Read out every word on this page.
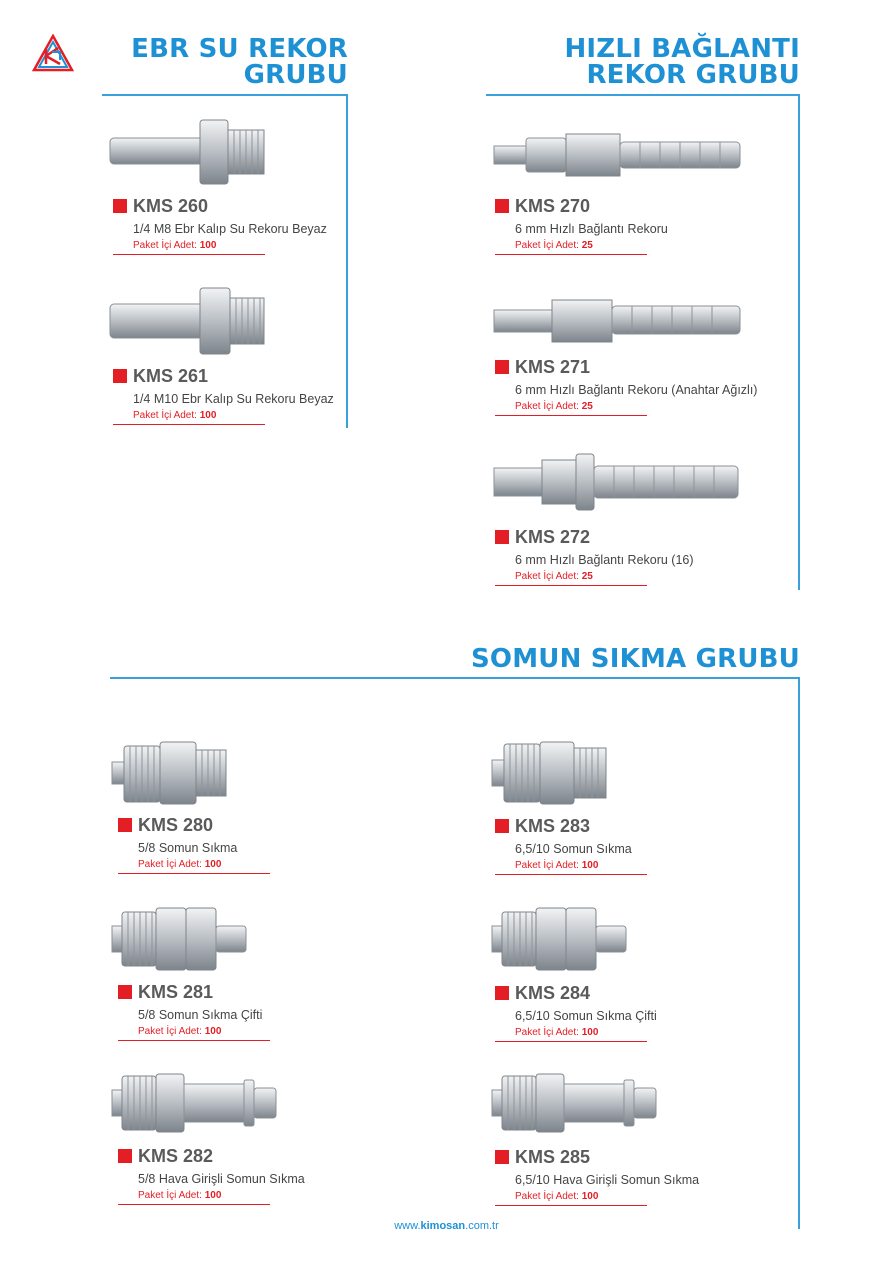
EBR SU REKOR
GRUBU
HIZLI BAĞLANTI
REKOR GRUBU
SOMUN SIKMA GRUBU
KMS 260
1/4 M8 Ebr Kalıp Su Rekoru Beyaz
Paket İçi Adet: 100
KMS 261
1/4 M10 Ebr Kalıp Su Rekoru Beyaz
Paket İçi Adet: 100
KMS 270
6 mm Hızlı Bağlantı Rekoru
Paket İçi Adet: 25
KMS 271
6 mm Hızlı Bağlantı Rekoru (Anahtar Ağızlı)
Paket İçi Adet: 25
KMS 272
6 mm Hızlı Bağlantı Rekoru (16)
Paket İçi Adet: 25
KMS 280
5/8 Somun Sıkma
Paket İçi Adet: 100
KMS 283
6,5/10 Somun Sıkma
Paket İçi Adet: 100
KMS 281
5/8 Somun Sıkma Çifti
Paket İçi Adet: 100
KMS 284
6,5/10 Somun Sıkma Çifti
Paket İçi Adet: 100
KMS 282
5/8 Hava Girişli Somun Sıkma
Paket İçi Adet: 100
KMS 285
6,5/10 Hava Girişli Somun Sıkma
Paket İçi Adet: 100
www.kimosan.com.tr
